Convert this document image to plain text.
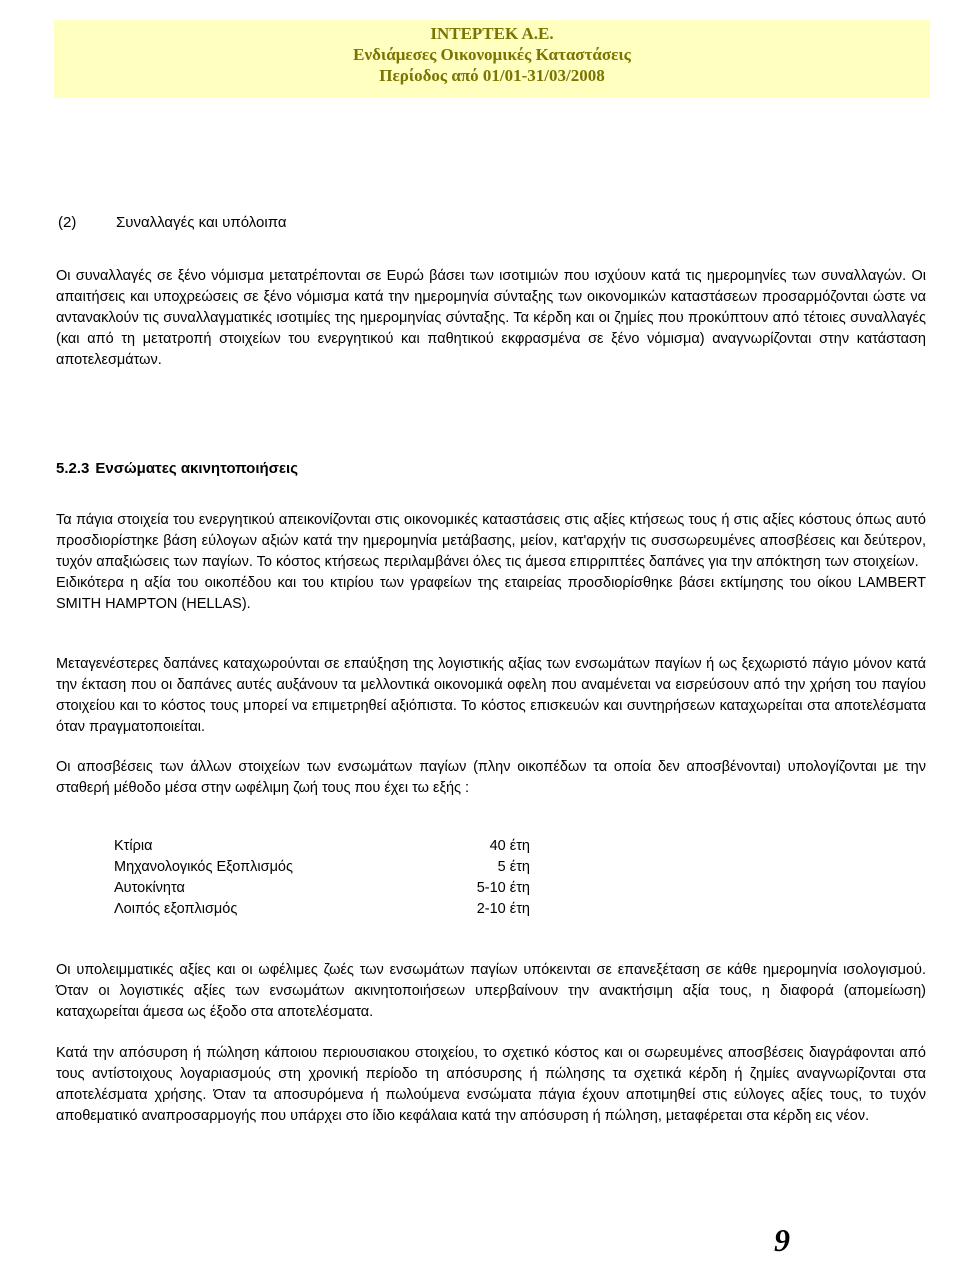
INTEPTEK A.E.
Ενδιάμεσες Οικονομικές Καταστάσεις
Περίοδος από 01/01-31/03/2008
(2)	Συναλλαγές και υπόλοιπα

Οι συναλλαγές σε ξένο νόμισμα μετατρέπονται σε Ευρώ βάσει των ισοτιμιών που ισχύουν κατά τις ημερομηνίες των συναλλαγών. Οι απαιτήσεις και υποχρεώσεις σε ξένο νόμισμα κατά την ημερομηνία σύνταξης των οικονομικών καταστάσεων προσαρμόζονται ώστε να αντανακλούν τις συναλλαγματικές ισοτιμίες της ημερομηνίας σύνταξης. Τα κέρδη και οι ζημίες που προκύπτουν από τέτοιες συναλλαγές (και από τη μετατροπή στοιχείων του ενεργητικού και παθητικού εκφρασμένα σε ξένο νόμισμα) αναγνωρίζονται στην κατάσταση αποτελεσμάτων.

5.2.3 Ενσώματες ακινητοποιήσεις

Τα πάγια στοιχεία του ενεργητικού απεικονίζονται στις οικονομικές καταστάσεις στις αξίες κτήσεως τους ή στις αξίες κόστους όπως αυτό προσδιορίστηκε βάση εύλογων αξιών κατά την ημερομηνία μετάβασης, μείον, κατ'αρχήν τις συσσωρευμένες αποσβέσεις και δεύτερον, τυχόν απαξιώσεις των παγίων. Το κόστος κτήσεως περιλαμβάνει όλες τις άμεσα επιρριπτέες δαπάνες για την απόκτηση των στοιχείων.

Ειδικότερα η αξία του οικοπέδου και του κτιρίου των γραφείων της εταιρείας προσδιορίσθηκε βάσει εκτίμησης του οίκου LAMBERT SMITH HAMPTON (HELLAS).

Μεταγενέστερες δαπάνες καταχωρούνται σε επαύξηση της λογιστικής αξίας των ενσωμάτων παγίων ή ως ξεχωριστό πάγιο μόνον κατά την έκταση που οι δαπάνες αυτές αυξάνουν τα μελλοντικά οικονομικά οφελη που αναμένεται να εισρεύσουν από την χρήση του παγίου στοιχείου και το κόστος τους μπορεί να επιμετρηθεί αξιόπιστα. Το κόστος επισκευών και συντηρήσεων καταχωρείται στα αποτελέσματα όταν πραγματοποιείται.

Οι αποσβέσεις των άλλων στοιχείων των ενσωμάτων παγίων (πλην οικοπέδων τα οποία δεν αποσβένονται) υπολογίζονται με την σταθερή μέθοδο μέσα στην ωφέλιμη ζωή τους που έχει τω εξής :

Κτίρια	40 έτη
Μηχανολογικός Εξοπλισμός	5 έτη
Αυτοκίνητα	5-10 έτη
Λοιπός εξοπλισμός	2-10 έτη

Οι υπολειμματικές αξίες και οι ωφέλιμες ζωές των ενσωμάτων παγίων υπόκεινται σε επανεξέταση σε κάθε ημερομηνία ισολογισμού. Όταν οι λογιστικές αξίες των ενσωμάτων ακινητοποιήσεων υπερβαίνουν την ανακτήσιμη αξία τους, η διαφορά (απομείωση) καταχωρείται άμεσα ως έξοδο στα αποτελέσματα.

Κατά την απόσυρση ή πώληση κάποιου περιουσιακου στοιχείου, το σχετικό κόστος και οι σωρευμένες αποσβέσεις διαγράφονται από τους αντίστοιχους λογαριασμούς στη χρονική περίοδο τη απόσυρσης ή πώλησης τα σχετικά κέρδη ή ζημίες αναγνωρίζονται στα αποτελέσματα χρήσης. Όταν τα αποσυρόμενα ή πωλούμενα ενσώματα πάγια έχουν αποτιμηθεί στις εύλογες αξίες τους, το τυχόν αποθεματικό αναπροσαρμογής που υπάρχει στο ίδιο κεφάλαια κατά την απόσυρση ή πώληση, μεταφέρεται στα κέρδη εις νέον.

9
